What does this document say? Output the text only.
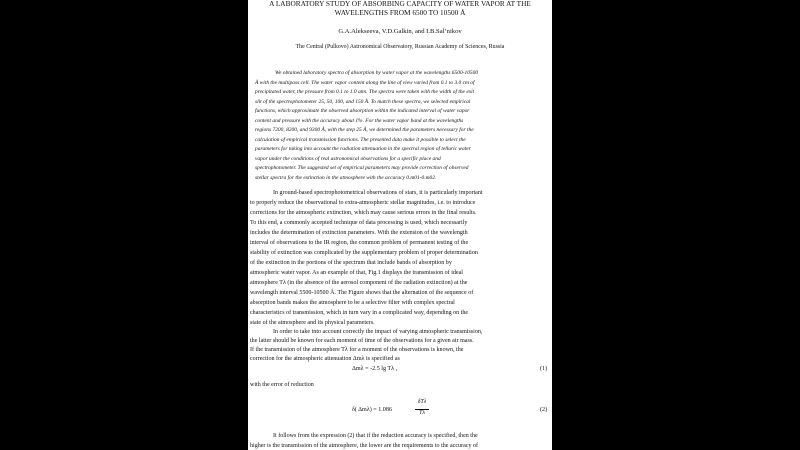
A LABORATORY STUDY OF ABSORBING CAPACITY OF WATER VAPOR AT THE
WAVELENGTHS FROM 6500 TO 10500 Å
G.A.Alekseeva, V.D.Galkin, and I.B.Sal’nikov
The Central (Pulkovo) Astronomical Observatory, Russian Academy of Sciences, Russia
We obtained laboratory spectra of absorption by water vapor at the wavelengths 6500-10500
Å with the multipass cell. The water vapor content along the line of view varied from 0.1 to 3.0 cm of
precipitated water, the pressure from 0.1 to 1.0 atm. The spectra were taken with the width of the exit
slit of the spectrophotometer 25, 50, 100, and 150 Å. To match these spectra, we selected empirical
functions, which approximate the observed absorption within the indicated interval of water vapor
content and pressure with the accuracy about 1%. For the water vapor band at the wavelengths
regions 7200, 8200, and 9300 Å, with the step 25 Å, we determined the parameters necessary for the
calculation of empirical transmission functions. The presented data make it possible to select the
parameters for taking into account the radiation attenuation in the spectral region of telluric water
vapor under the conditions of real astronomical observations for a specific place and
spectrophotometer. The suggested set of empirical parameters may provide correction of observed
stellar spectra for the extinction in the atmosphere with the accuracy 0.m01-0.m02.
In ground-based spectrophotometrical observations of stars, it is particularly important
to properly reduce the observational to extra-atmospheric stellar magnitudes, i.e. to introduce
corrections for the atmospheric extinction, which may cause serious errors in the final results.
To this end, a commonly accepted technique of data processing is used, which necessarily
includes the determination of extinction parameters. With the extension of the wavelength
interval of observations to the IR region, the common problem of permanent testing of the
stability of extinction was complicated by the supplementary problem of proper determination
of the extinction in the portions of the spectrum that include bands of absorption by
atmospheric water vapor. As an example of that, Fig.1 displays the transmission of ideal
atmosphere Tλ (in the absence of the aerosol component of the radiation extinction) at the
wavelength interval 5500-10500 Å. The Figure shows that the alternation of the sequence of
absorption bands makes the atmosphere to be a selective filter with complex spectral
characteristics of transmission, which in turn vary in a complicated way, depending on the
state of the atmosphere and its physical parameters.
In order to take into account correctly the impact of varying atmospheric transmission,
the latter should be known for each moment of time of the observations for a given air mass.
If the transmission of the atmosphere Tλ for a moment of the observations is known, the
correction for the atmospheric attenuation Δmλ is specified as
Δmλ = -2.5 lg Tλ ,	(1)
with the error of reduction
δ( Δmλ) = 1.086
δTλ
Tλ	(2)
It follows from the expression (2) that if the reduction accuracy is specified, then the
higher is the transmission of the atmosphere, the lower are the requirements to the accuracy of
